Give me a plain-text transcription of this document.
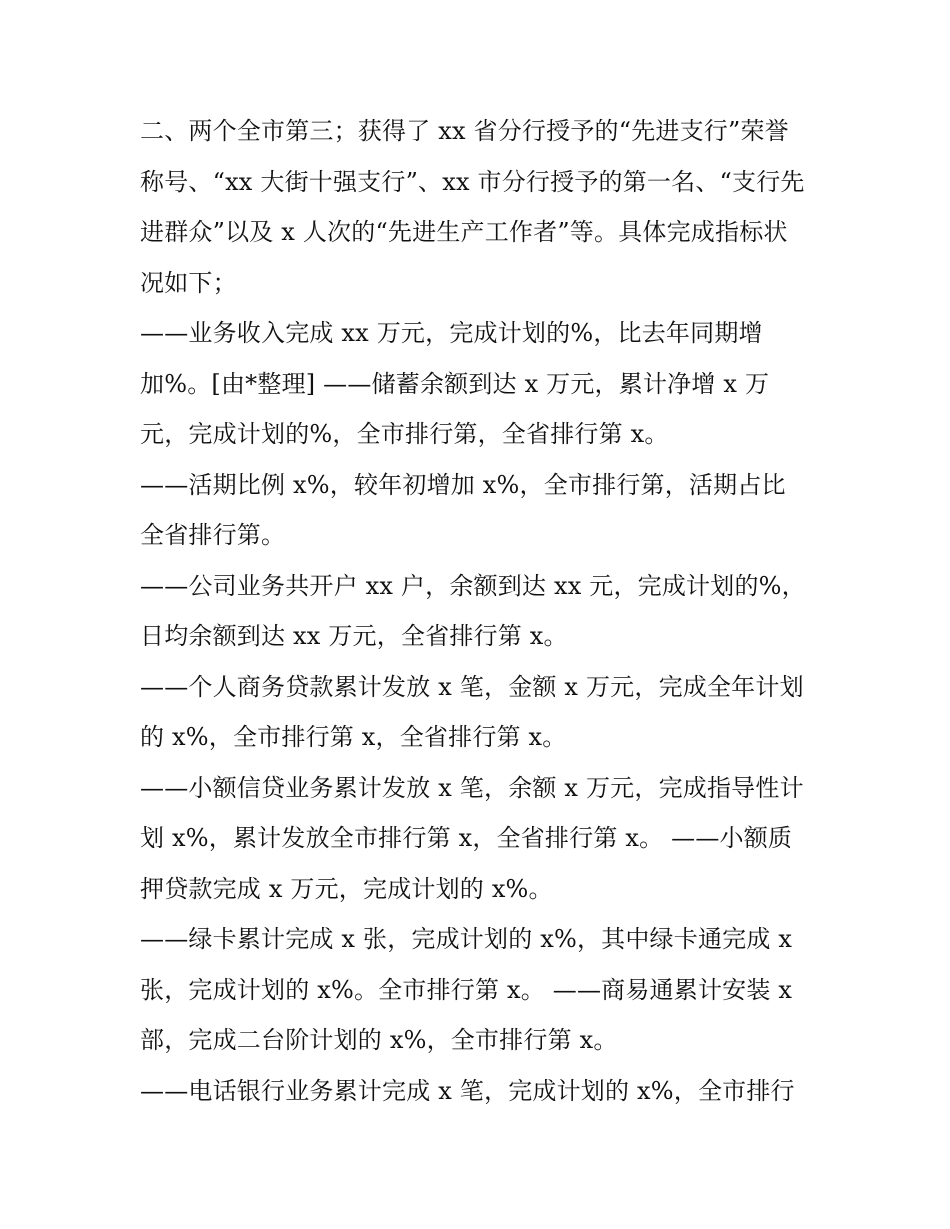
二、两个全市第三；获得了 xx 省分行授予的“先进支行”荣誉
称号、“xx 大街十强支行”、xx 市分行授予的第一名、“支行先
进群众”以及 x 人次的“先进生产工作者”等。具体完成指标状
况如下；
——业务收入完成 xx 万元，完成计划的%，比去年同期增
加%。[由*整理] ——储蓄余额到达 x 万元，累计净增 x 万
元，完成计划的%，全市排行第，全省排行第 x。
——活期比例 x%，较年初增加 x%，全市排行第，活期占比
全省排行第。
——公司业务共开户 xx 户，余额到达 xx 元，完成计划的%，
日均余额到达 xx 万元，全省排行第 x。
——个人商务贷款累计发放 x 笔，金额 x 万元，完成全年计划
的 x%，全市排行第 x，全省排行第 x。
——小额信贷业务累计发放 x 笔，余额 x 万元，完成指导性计
划 x%，累计发放全市排行第 x，全省排行第 x。 ——小额质
押贷款完成 x 万元，完成计划的 x%。
——绿卡累计完成 x 张，完成计划的 x%，其中绿卡通完成 x
张，完成计划的 x%。全市排行第 x。 ——商易通累计安装 x
部，完成二台阶计划的 x%，全市排行第 x。
——电话银行业务累计完成 x 笔，完成计划的 x%，全市排行
